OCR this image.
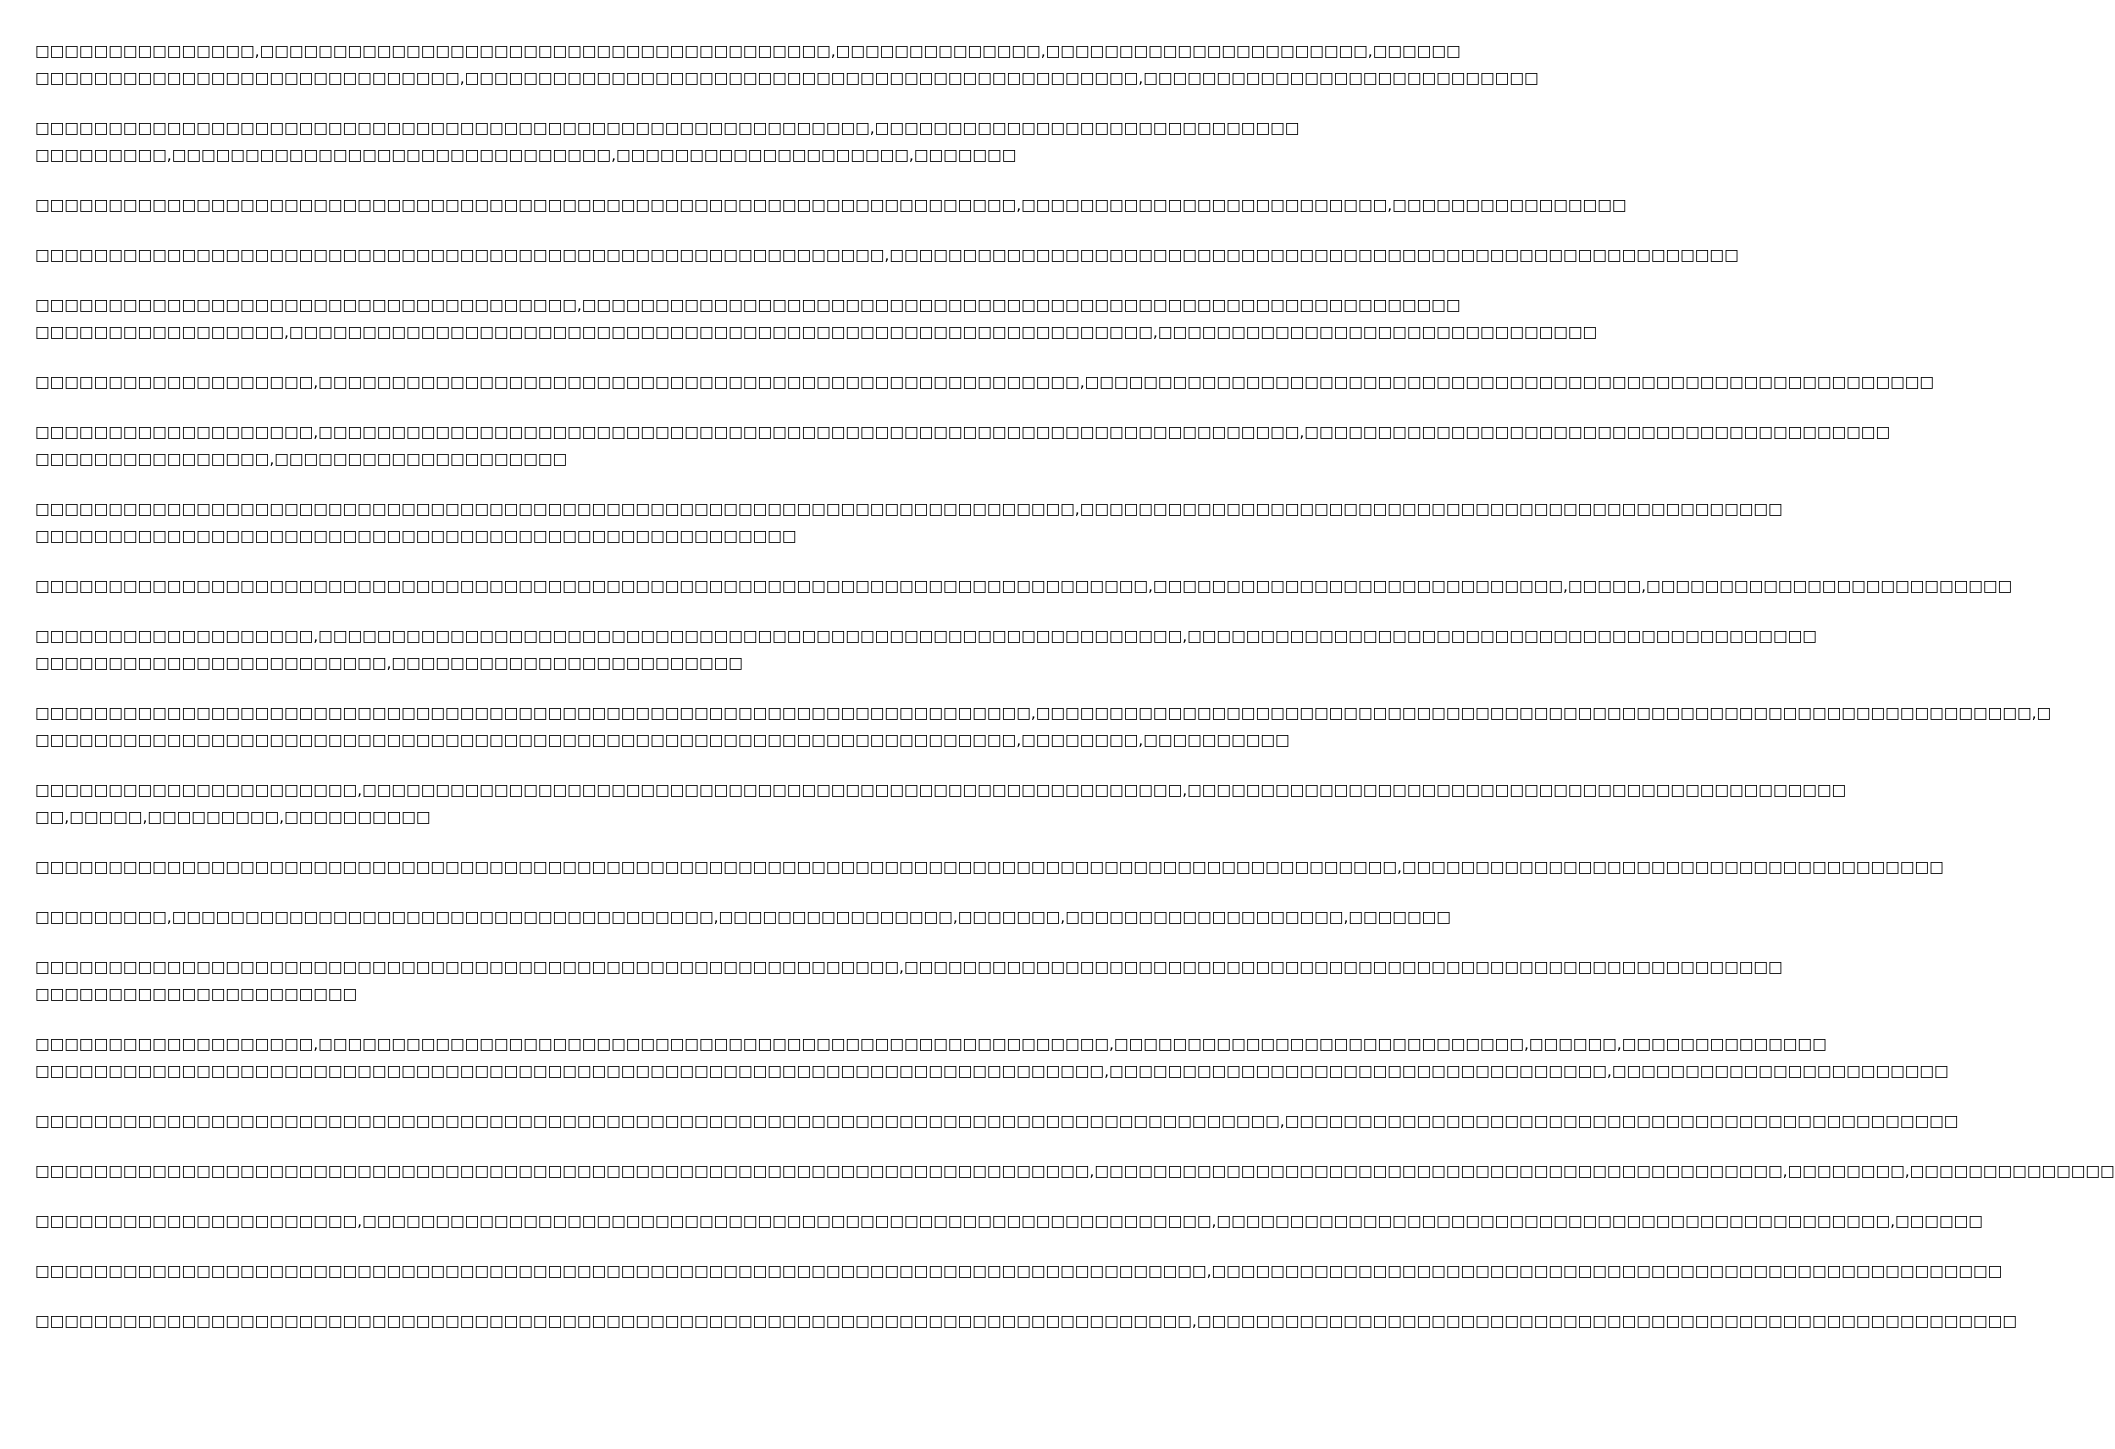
□□□□□□□□□□□□□□□,□□□□□□□□□□□□□□□□□□□□□□□□□□□□□□□□□□□□□□□,□□□□□□□□□□□□□□,□□□□□□□□□□□□□□□□□□□□□□,□□□□□□
□□□□□□□□□□□□□□□□□□□□□□□□□□□□□,□□□□□□□□□□□□□□□□□□□□□□□□□□□□□□□□□□□□□□□□□□□□□□,□□□□□□□□□□□□□□□□□□□□□□□□□□□

□□□□□□□□□□□□□□□□□□□□□□□□□□□□□□□□□□□□□□□□□□□□□□□□□□□□□□□□□,□□□□□□□□□□□□□□□□□□□□□□□□□□□□□
□□□□□□□□□,□□□□□□□□□□□□□□□□□□□□□□□□□□□□□□,□□□□□□□□□□□□□□□□□□□□,□□□□□□□

□□□□□□□□□□□□□□□□□□□□□□□□□□□□□□□□□□□□□□□□□□□□□□□□□□□□□□□□□□□□□□□□□□□,□□□□□□□□□□□□□□□□□□□□□□□□□,□□□□□□□□□□□□□□□□

□□□□□□□□□□□□□□□□□□□□□□□□□□□□□□□□□□□□□□□□□□□□□□□□□□□□□□□□□□,□□□□□□□□□□□□□□□□□□□□□□□□□□□□□□□□□□□□□□□□□□□□□□□□□□□□□□□□□□

□□□□□□□□□□□□□□□□□□□□□□□□□□□□□□□□□□□□□,□□□□□□□□□□□□□□□□□□□□□□□□□□□□□□□□□□□□□□□□□□□□□□□□□□□□□□□□□□□□
□□□□□□□□□□□□□□□□□,□□□□□□□□□□□□□□□□□□□□□□□□□□□□□□□□□□□□□□□□□□□□□□□□□□□□□□□□□□□,□□□□□□□□□□□□□□□□□□□□□□□□□□□□□□

□□□□□□□□□□□□□□□□□□□,□□□□□□□□□□□□□□□□□□□□□□□□□□□□□□□□□□□□□□□□□□□□□□□□□□□□,□□□□□□□□□□□□□□□□□□□□□□□□□□□□□□□□□□□□□□□□□□□□□□□□□□□□□□□□□□

□□□□□□□□□□□□□□□□□□□,□□□□□□□□□□□□□□□□□□□□□□□□□□□□□□□□□□□□□□□□□□□□□□□□□□□□□□□□□□□□□□□□□□□,□□□□□□□□□□□□□□□□□□□□□□□□□□□□□□□□□□□□□□□□
□□□□□□□□□□□□□□□□,□□□□□□□□□□□□□□□□□□□□

□□□□□□□□□□□□□□□□□□□□□□□□□□□□□□□□□□□□□□□□□□□□□□□□□□□□□□□□□□□□□□□□□□□□□□□,□□□□□□□□□□□□□□□□□□□□□□□□□□□□□□□□□□□□□□□□□□□□□□□□
□□□□□□□□□□□□□□□□□□□□□□□□□□□□□□□□□□□□□□□□□□□□□□□□□□□□

□□□□□□□□□□□□□□□□□□□□□□□□□□□□□□□□□□□□□□□□□□□□□□□□□□□□□□□□□□□□□□□□□□□□□□□□□□□□,□□□□□□□□□□□□□□□□□□□□□□□□□□□□,□□□□□,□□□□□□□□□□□□□□□□□□□□□□□□□

□□□□□□□□□□□□□□□□□□□,□□□□□□□□□□□□□□□□□□□□□□□□□□□□□□□□□□□□□□□□□□□□□□□□□□□□□□□□□□□,□□□□□□□□□□□□□□□□□□□□□□□□□□□□□□□□□□□□□□□□□□□
□□□□□□□□□□□□□□□□□□□□□□□□,□□□□□□□□□□□□□□□□□□□□□□□□

□□□□□□□□□□□□□□□□□□□□□□□□□□□□□□□□□□□□□□□□□□□□□□□□□□□□□□□□□□□□□□□□□□□□,□□□□□□□□□□□□□□□□□□□□□□□□□□□□□□□□□□□□□□□□□□□□□□□□□□□□□□□□□□□□□□□□□□□□,□
□□□□□□□□□□□□□□□□□□□□□□□□□□□□□□□□□□□□□□□□□□□□□□□□□□□□□□□□□□□□□□□□□□□,□□□□□□□□,□□□□□□□□□□

□□□□□□□□□□□□□□□□□□□□□□,□□□□□□□□□□□□□□□□□□□□□□□□□□□□□□□□□□□□□□□□□□□□□□□□□□□□□□□□,□□□□□□□□□□□□□□□□□□□□□□□□□□□□□□□□□□□□□□□□□□□□□
□□,□□□□□,□□□□□□□□□,□□□□□□□□□□

□□□□□□□□□□□□□□□□□□□□□□□□□□□□□□□□□□□□□□□□□□□□□□□□□□□□□□□□□□□□□□□□□□□□□□□□□□□□□□□□□□□□□□□□□□□□□,□□□□□□□□□□□□□□□□□□□□□□□□□□□□□□□□□□□□□

□□□□□□□□□,□□□□□□□□□□□□□□□□□□□□□□□□□□□□□□□□□□□□□,□□□□□□□□□□□□□□□□,□□□□□□□,□□□□□□□□□□□□□□□□□□□,□□□□□□□

□□□□□□□□□□□□□□□□□□□□□□□□□□□□□□□□□□□□□□□□□□□□□□□□□□□□□□□□□□□,□□□□□□□□□□□□□□□□□□□□□□□□□□□□□□□□□□□□□□□□□□□□□□□□□□□□□□□□□□□□
□□□□□□□□□□□□□□□□□□□□□□

□□□□□□□□□□□□□□□□□□□,□□□□□□□□□□□□□□□□□□□□□□□□□□□□□□□□□□□□□□□□□□□□□□□□□□□□□□,□□□□□□□□□□□□□□□□□□□□□□□□□□□□,□□□□□□,□□□□□□□□□□□□□□
□□□□□□□□□□□□□□□□□□□□□□□□□□□□□□□□□□□□□□□□□□□□□□□□□□□□□□□□□□□□□□□□□□□□□□□□□,□□□□□□□□□□□□□□□□□□□□□□□□□□□□□□□□□□,□□□□□□□□□□□□□□□□□□□□□□□

□□□□□□□□□□□□□□□□□□□□□□□□□□□□□□□□□□□□□□□□□□□□□□□□□□□□□□□□□□□□□□□□□□□□□□□□□□□□□□□□□□□□□,□□□□□□□□□□□□□□□□□□□□□□□□□□□□□□□□□□□□□□□□□□□□□□

□□□□□□□□□□□□□□□□□□□□□□□□□□□□□□□□□□□□□□□□□□□□□□□□□□□□□□□□□□□□□□□□□□□□□□□□,□□□□□□□□□□□□□□□□□□□□□□□□□□□□□□□□□□□□□□□□□□□□□□□,□□□□□□□□,□□□□□□□□□□□□□□

□□□□□□□□□□□□□□□□□□□□□□,□□□□□□□□□□□□□□□□□□□□□□□□□□□□□□□□□□□□□□□□□□□□□□□□□□□□□□□□□□,□□□□□□□□□□□□□□□□□□□□□□□□□□□□□□□□□□□□□□□□□□□□□□,□□□□□□

□□□□□□□□□□□□□□□□□□□□□□□□□□□□□□□□□□□□□□□□□□□□□□□□□□□□□□□□□□□□□□□□□□□□□□□□□□□□□□□□,□□□□□□□□□□□□□□□□□□□□□□□□□□□□□□□□□□□□□□□□□□□□□□□□□□□□□□

□□□□□□□□□□□□□□□□□□□□□□□□□□□□□□□□□□□□□□□□□□□□□□□□□□□□□□□□□□□□□□□□□□□□□□□□□□□□□□□,□□□□□□□□□□□□□□□□□□□□□□□□□□□□□□□□□□□□□□□□□□□□□□□□□□□□□□□□
